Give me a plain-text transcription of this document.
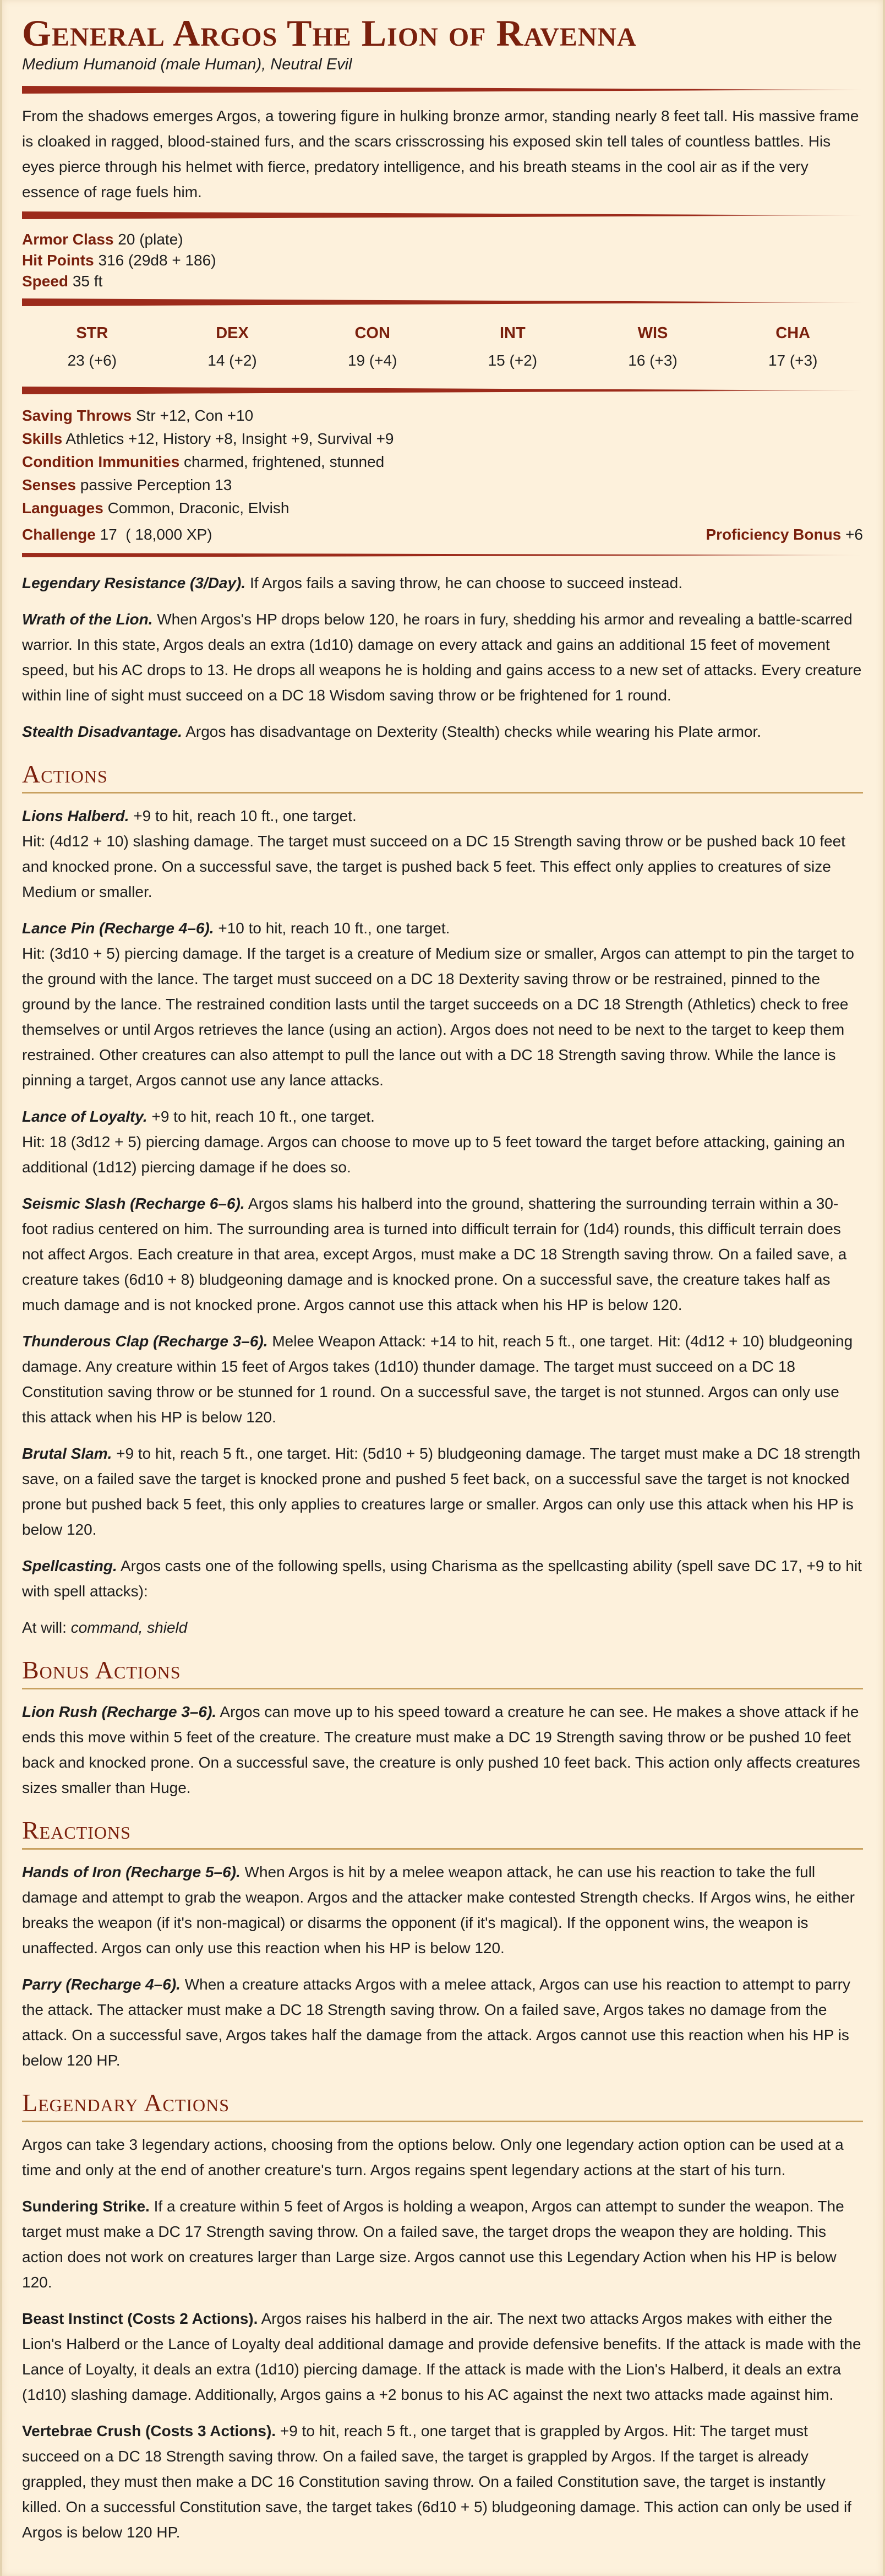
General Argos The Lion of Ravenna

Medium Humanoid (male Human), Neutral Evil

From the shadows emerges Argos, a towering figure in hulking bronze armor, standing nearly 8 feet tall. His massive frame is cloaked in ragged, blood-stained furs, and the scars crisscrossing his exposed skin tell tales of countless battles. His eyes pierce through his helmet with fierce, predatory intelligence, and his breath steams in the cool air as if the very essence of rage fuels him.

Armor Class 20 (plate)
Hit Points 316 (29d8 + 186)
Speed 35 ft
STR
23 (+6)
DEX
14 (+2)
CON
19 (+4)
INT
15 (+2)
WIS
16 (+3)
CHA
17 (+3)
Saving Throws Str +12, Con +10
Skills Athletics +12, History +8, Insight +9, Survival +9
Condition Immunities charmed, frightened, stunned
Senses passive Perception 13
Languages Common, Draconic, Elvish
Challenge 17  ( 18,000 XP)	Proficiency Bonus +6

Legendary Resistance (3/Day). If Argos fails a saving throw, he can choose to succeed instead.

Wrath of the Lion. When Argos's HP drops below 120, he roars in fury, shedding his armor and revealing a battle-scarred warrior. In this state, Argos deals an extra (1d10) damage on every attack and gains an additional 15 feet of movement speed, but his AC drops to 13. He drops all weapons he is holding and gains access to a new set of attacks. Every creature within line of sight must succeed on a DC 18 Wisdom saving throw or be frightened for 1 round.

Stealth Disadvantage. Argos has disadvantage on Dexterity (Stealth) checks while wearing his Plate armor.

Actions

Lions Halberd. +9 to hit, reach 10 ft., one target.
Hit: (4d12 + 10) slashing damage. The target must succeed on a DC 15 Strength saving throw or be pushed back 10 feet and knocked prone. On a successful save, the target is pushed back 5 feet. This effect only applies to creatures of size Medium or smaller.

Lance Pin (Recharge 4–6). +10 to hit, reach 10 ft., one target.
Hit: (3d10 + 5) piercing damage. If the target is a creature of Medium size or smaller, Argos can attempt to pin the target to the ground with the lance. The target must succeed on a DC 18 Dexterity saving throw or be restrained, pinned to the ground by the lance. The restrained condition lasts until the target succeeds on a DC 18 Strength (Athletics) check to free themselves or until Argos retrieves the lance (using an action). Argos does not need to be next to the target to keep them restrained. Other creatures can also attempt to pull the lance out with a DC 18 Strength saving throw. While the lance is pinning a target, Argos cannot use any lance attacks.

Lance of Loyalty. +9 to hit, reach 10 ft., one target.
Hit: 18 (3d12 + 5) piercing damage. Argos can choose to move up to 5 feet toward the target before attacking, gaining an additional (1d12) piercing damage if he does so.

Seismic Slash (Recharge 6–6). Argos slams his halberd into the ground, shattering the surrounding terrain within a 30-foot radius centered on him. The surrounding area is turned into difficult terrain for (1d4) rounds, this difficult terrain does not affect Argos. Each creature in that area, except Argos, must make a DC 18 Strength saving throw. On a failed save, a creature takes (6d10 + 8) bludgeoning damage and is knocked prone. On a successful save, the creature takes half as much damage and is not knocked prone. Argos cannot use this attack when his HP is below 120.

Thunderous Clap (Recharge 3–6). Melee Weapon Attack: +14 to hit, reach 5 ft., one target. Hit: (4d12 + 10) bludgeoning damage. Any creature within 15 feet of Argos takes (1d10) thunder damage. The target must succeed on a DC 18 Constitution saving throw or be stunned for 1 round. On a successful save, the target is not stunned. Argos can only use this attack when his HP is below 120.

Brutal Slam. +9 to hit, reach 5 ft., one target. Hit: (5d10 + 5) bludgeoning damage. The target must make a DC 18 strength save, on a failed save the target is knocked prone and pushed 5 feet back, on a successful save the target is not knocked prone but pushed back 5 feet, this only applies to creatures large or smaller. Argos can only use this attack when his HP is below 120.

Spellcasting. Argos casts one of the following spells, using Charisma as the spellcasting ability (spell save DC 17, +9 to hit with spell attacks):

At will: command, shield

Bonus Actions

Lion Rush (Recharge 3–6). Argos can move up to his speed toward a creature he can see. He makes a shove attack if he ends this move within 5 feet of the creature. The creature must make a DC 19 Strength saving throw or be pushed 10 feet back and knocked prone. On a successful save, the creature is only pushed 10 feet back. This action only affects creatures sizes smaller than Huge.

Reactions

Hands of Iron (Recharge 5–6). When Argos is hit by a melee weapon attack, he can use his reaction to take the full damage and attempt to grab the weapon. Argos and the attacker make contested Strength checks. If Argos wins, he either breaks the weapon (if it's non-magical) or disarms the opponent (if it's magical). If the opponent wins, the weapon is unaffected. Argos can only use this reaction when his HP is below 120.

Parry (Recharge 4–6). When a creature attacks Argos with a melee attack, Argos can use his reaction to attempt to parry the attack. The attacker must make a DC 18 Strength saving throw. On a failed save, Argos takes no damage from the attack. On a successful save, Argos takes half the damage from the attack. Argos cannot use this reaction when his HP is below 120 HP.

Legendary Actions

Argos can take 3 legendary actions, choosing from the options below. Only one legendary action option can be used at a time and only at the end of another creature's turn. Argos regains spent legendary actions at the start of his turn.

Sundering Strike. If a creature within 5 feet of Argos is holding a weapon, Argos can attempt to sunder the weapon. The target must make a DC 17 Strength saving throw. On a failed save, the target drops the weapon they are holding. This action does not work on creatures larger than Large size. Argos cannot use this Legendary Action when his HP is below 120.

Beast Instinct (Costs 2 Actions). Argos raises his halberd in the air. The next two attacks Argos makes with either the Lion's Halberd or the Lance of Loyalty deal additional damage and provide defensive benefits. If the attack is made with the Lance of Loyalty, it deals an extra (1d10) piercing damage. If the attack is made with the Lion's Halberd, it deals an extra (1d10) slashing damage. Additionally, Argos gains a +2 bonus to his AC against the next two attacks made against him.

Vertebrae Crush (Costs 3 Actions). +9 to hit, reach 5 ft., one target that is grappled by Argos. Hit: The target must succeed on a DC 18 Strength saving throw. On a failed save, the target is grappled by Argos. If the target is already grappled, they must then make a DC 16 Constitution saving throw. On a failed Constitution save, the target is instantly killed. On a successful Constitution save, the target takes (6d10 + 5) bludgeoning damage. This action can only be used if Argos is below 120 HP.
